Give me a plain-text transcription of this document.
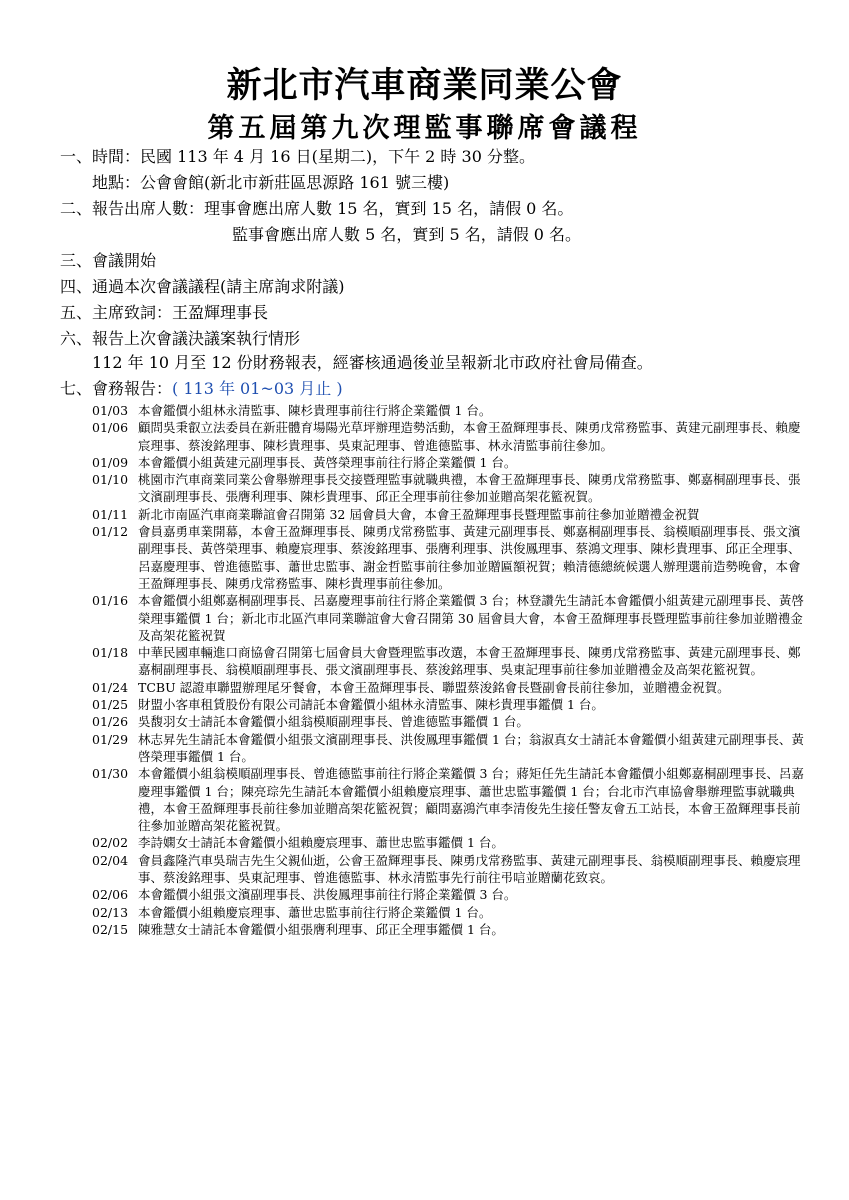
新北市汽車商業同業公會
第五屆第九次理監事聯席會議程
一、時間：民國 113 年 4 月 16 日(星期二)，下午 2 時 30 分整。
地點：公會會館(新北市新莊區思源路 161 號三樓)
二、報告出席人數：理事會應出席人數 15 名，實到 15 名，請假 0 名。
監事會應出席人數 5 名，實到 5 名，請假 0 名。
三、會議開始
四、通過本次會議議程(請主席詢求附議)
五、主席致詞：王盈輝理事長
六、報告上次會議決議案執行情形
112 年 10 月至 12 份財務報表，經審核通過後並呈報新北市政府社會局備查。
七、會務報告：( 113 年 01~03 月止 )
01/03 本會鑑價小組林永清監事、陳杉貴理事前往行將企業鑑價 1 台。
01/06 顧問吳秉叡立法委員在新莊體育場陽光草坪辦理造勢活動，本會王盈輝理事長、陳勇戊常務監事、黃建元副理事長、賴慶宸理事、蔡浚銘理事、陳杉貴理事、吳東記理事、曾進德監事、林永清監事前往參加。
01/09 本會鑑價小組黃建元副理事長、黃啓榮理事前往行將企業鑑價 1 台。
01/10 桃園市汽車商業同業公會舉辦理事長交接暨理監事就職典禮，本會王盈輝理事長、陳勇戊常務監事、鄭嘉桐副理事長、張文濱副理事長、張膺利理事、陳杉貴理事、邱正全理事前往參加並贈高架花籃祝賀。
01/11 新北市南區汽車商業聯誼會召開第 32 屆會員大會，本會王盈輝理事長暨理監事前往參加並贈禮金祝賀
01/12 會員嘉勇車業開幕，本會王盈輝理事長、陳勇戊常務監事、黃建元副理事長、鄭嘉桐副理事長、翁模順副理事長、張文濱副理事長、黃啓榮理事、賴慶宸理事、蔡浚銘理事、張膺利理事、洪俊鳳理事、蔡鴻文理事、陳杉貴理事、邱正全理事、呂嘉慶理事、曾進德監事、蕭世忠監事、謝金哲監事前往參加並贈匾額祝賀；賴清德總統候選人辦理選前造勢晚會，本會王盈輝理事長、陳勇戊常務監事、陳杉貴理事前往參加。
01/16 本會鑑價小組鄭嘉桐副理事長、呂嘉慶理事前往行將企業鑑價 3 台；林登讚先生請託本會鑑價小組黃建元副理事長、黃啓榮理事鑑價 1 台；新北市北區汽車同業聯誼會大會召開第 30 屆會員大會，本會王盈輝理事長暨理監事前往參加並贈禮金及高架花籃祝賀
01/18 中華民國車輛進口商協會召開第七屆會員大會暨理監事改選，本會王盈輝理事長、陳勇戊常務監事、黃建元副理事長、鄭嘉桐副理事長、翁模順副理事長、張文濱副理事長、蔡浚銘理事、吳東記理事前往參加並贈禮金及高架花籃祝賀。
01/24 TCBU 認證車聯盟辦理尾牙餐會，本會王盈輝理事長、聯盟蔡浚銘會長暨副會長前往參加，並贈禮金祝賀。
01/25 財盟小客車租賃股份有限公司請託本會鑑價小組林永清監事、陳杉貴理事鑑價 1 台。
01/26 吳馥羽女士請託本會鑑價小組翁模順副理事長、曾進德監事鑑價 1 台。
01/29 林志昇先生請託本會鑑價小組張文濱副理事長、洪俊鳳理事鑑價 1 台；翁淑真女士請託本會鑑價小組黃建元副理事長、黃啓榮理事鑑價 1 台。
01/30 本會鑑價小組翁模順副理事長、曾進德監事前往行將企業鑑價 3 台；蔣矩任先生請託本會鑑價小組鄭嘉桐副理事長、呂嘉慶理事鑑價 1 台；陳亮琮先生請託本會鑑價小組賴慶宸理事、蕭世忠監事鑑價 1 台；台北市汽車協會舉辦理監事就職典禮，本會王盈輝理事長前往參加並贈高架花籃祝賀；顧問嘉鴻汽車李清俊先生接任警友會五工站長，本會王盈輝理事長前往參加並贈高架花籃祝賀。
02/02 李詩嫻女士請託本會鑑價小組賴慶宸理事、蕭世忠監事鑑價 1 台。
02/04 會員鑫隆汽車吳瑞吉先生父親仙逝，公會王盈輝理事長、陳勇戊常務監事、黃建元副理事長、翁模順副理事長、賴慶宸理事、蔡浚銘理事、吳東記理事、曾進德監事、林永清監事先行前往弔唁並贈蘭花致哀。
02/06 本會鑑價小組張文濱副理事長、洪俊鳳理事前往行將企業鑑價 3 台。
02/13 本會鑑價小組賴慶宸理事、蕭世忠監事前往行將企業鑑價 1 台。
02/15 陳雅慧女士請託本會鑑價小組張膺利理事、邱正全理事鑑價 1 台。
